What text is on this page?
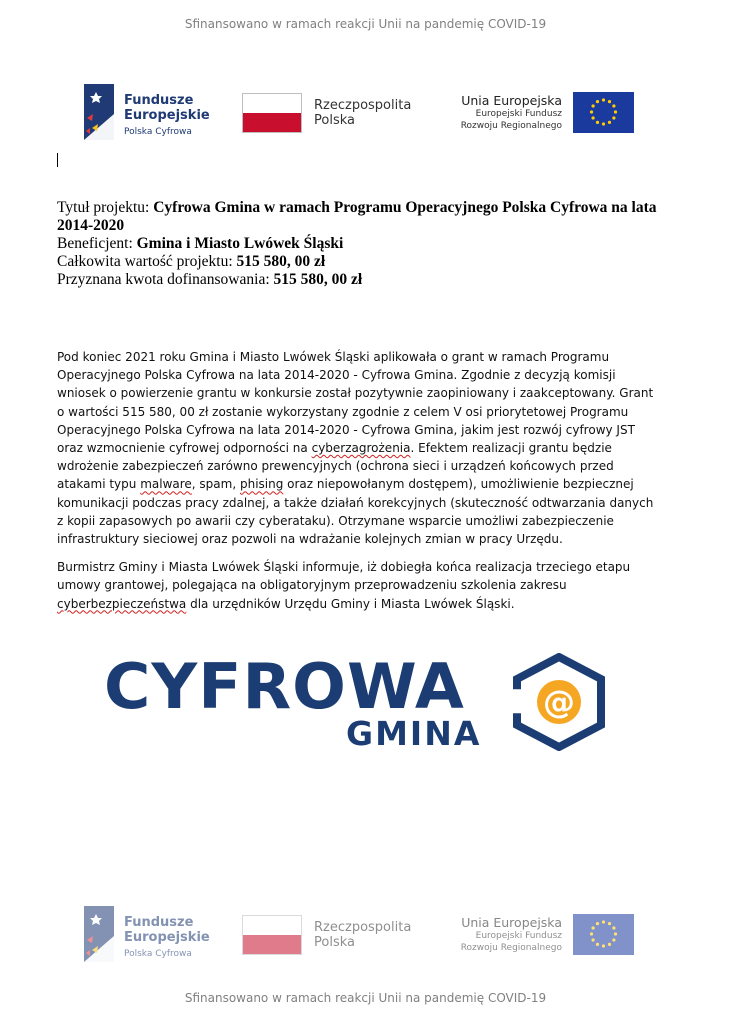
Sfinansowano w ramach reakcji Unii na pandemię COVID-19
Fundusze
Europejskie
Polska Cyfrowa
Rzeczpospolita
Polska
Unia Europejska
Europejski Fundusz
Rozwoju Regionalnego

Tytuł projektu: Cyfrowa Gmina w ramach Programu Operacyjnego Polska Cyfrowa na lata 2014-2020

Beneficjent: Gmina i Miasto Lwówek Śląski

Całkowita wartość projektu: 515 580, 00 zł

Przyznana kwota dofinansowania: 515 580, 00 zł

Pod koniec 2021 roku Gmina i Miasto Lwówek Śląski aplikowała o grant w ramach Programu Operacyjnego Polska Cyfrowa na lata 2014-2020 - Cyfrowa Gmina. Zgodnie z decyzją komisji wniosek o powierzenie grantu w konkursie został pozytywnie zaopiniowany i zaakceptowany. Grant o wartości 515 580, 00 zł zostanie wykorzystany zgodnie z celem V osi priorytetowej Programu Operacyjnego Polska Cyfrowa na lata 2014-2020 - Cyfrowa Gmina, jakim jest rozwój cyfrowy JST oraz wzmocnienie cyfrowej odporności na cyberzagrożenia. Efektem realizacji grantu będzie wdrożenie zabezpieczeń zarówno prewencyjnych (ochrona sieci i urządzeń końcowych przed atakami typu malware, spam, phising oraz niepowołanym dostępem), umożliwienie bezpiecznej komunikacji podczas pracy zdalnej, a także działań korekcyjnych (skuteczność odtwarzania danych z kopii zapasowych po awarii czy cyberataku). Otrzymane wsparcie umożliwi zabezpieczenie infrastruktury sieciowej oraz pozwoli na wdrażanie kolejnych zmian w pracy Urzędu.

Burmistrz Gminy i Miasta Lwówek Śląski informuje, iż dobiegła końca realizacja trzeciego etapu umowy grantowej, polegająca na obligatoryjnym przeprowadzeniu szkolenia zakresu cyberbezpieczeństwa dla urzędników Urzędu Gminy i Miasta Lwówek Śląski.

CYFROWA
GMINA
@
Fundusze
Europejskie
Polska Cyfrowa
Rzeczpospolita
Polska
Unia Europejska
Europejski Fundusz
Rozwoju Regionalnego
Sfinansowano w ramach reakcji Unii na pandemię COVID-19
